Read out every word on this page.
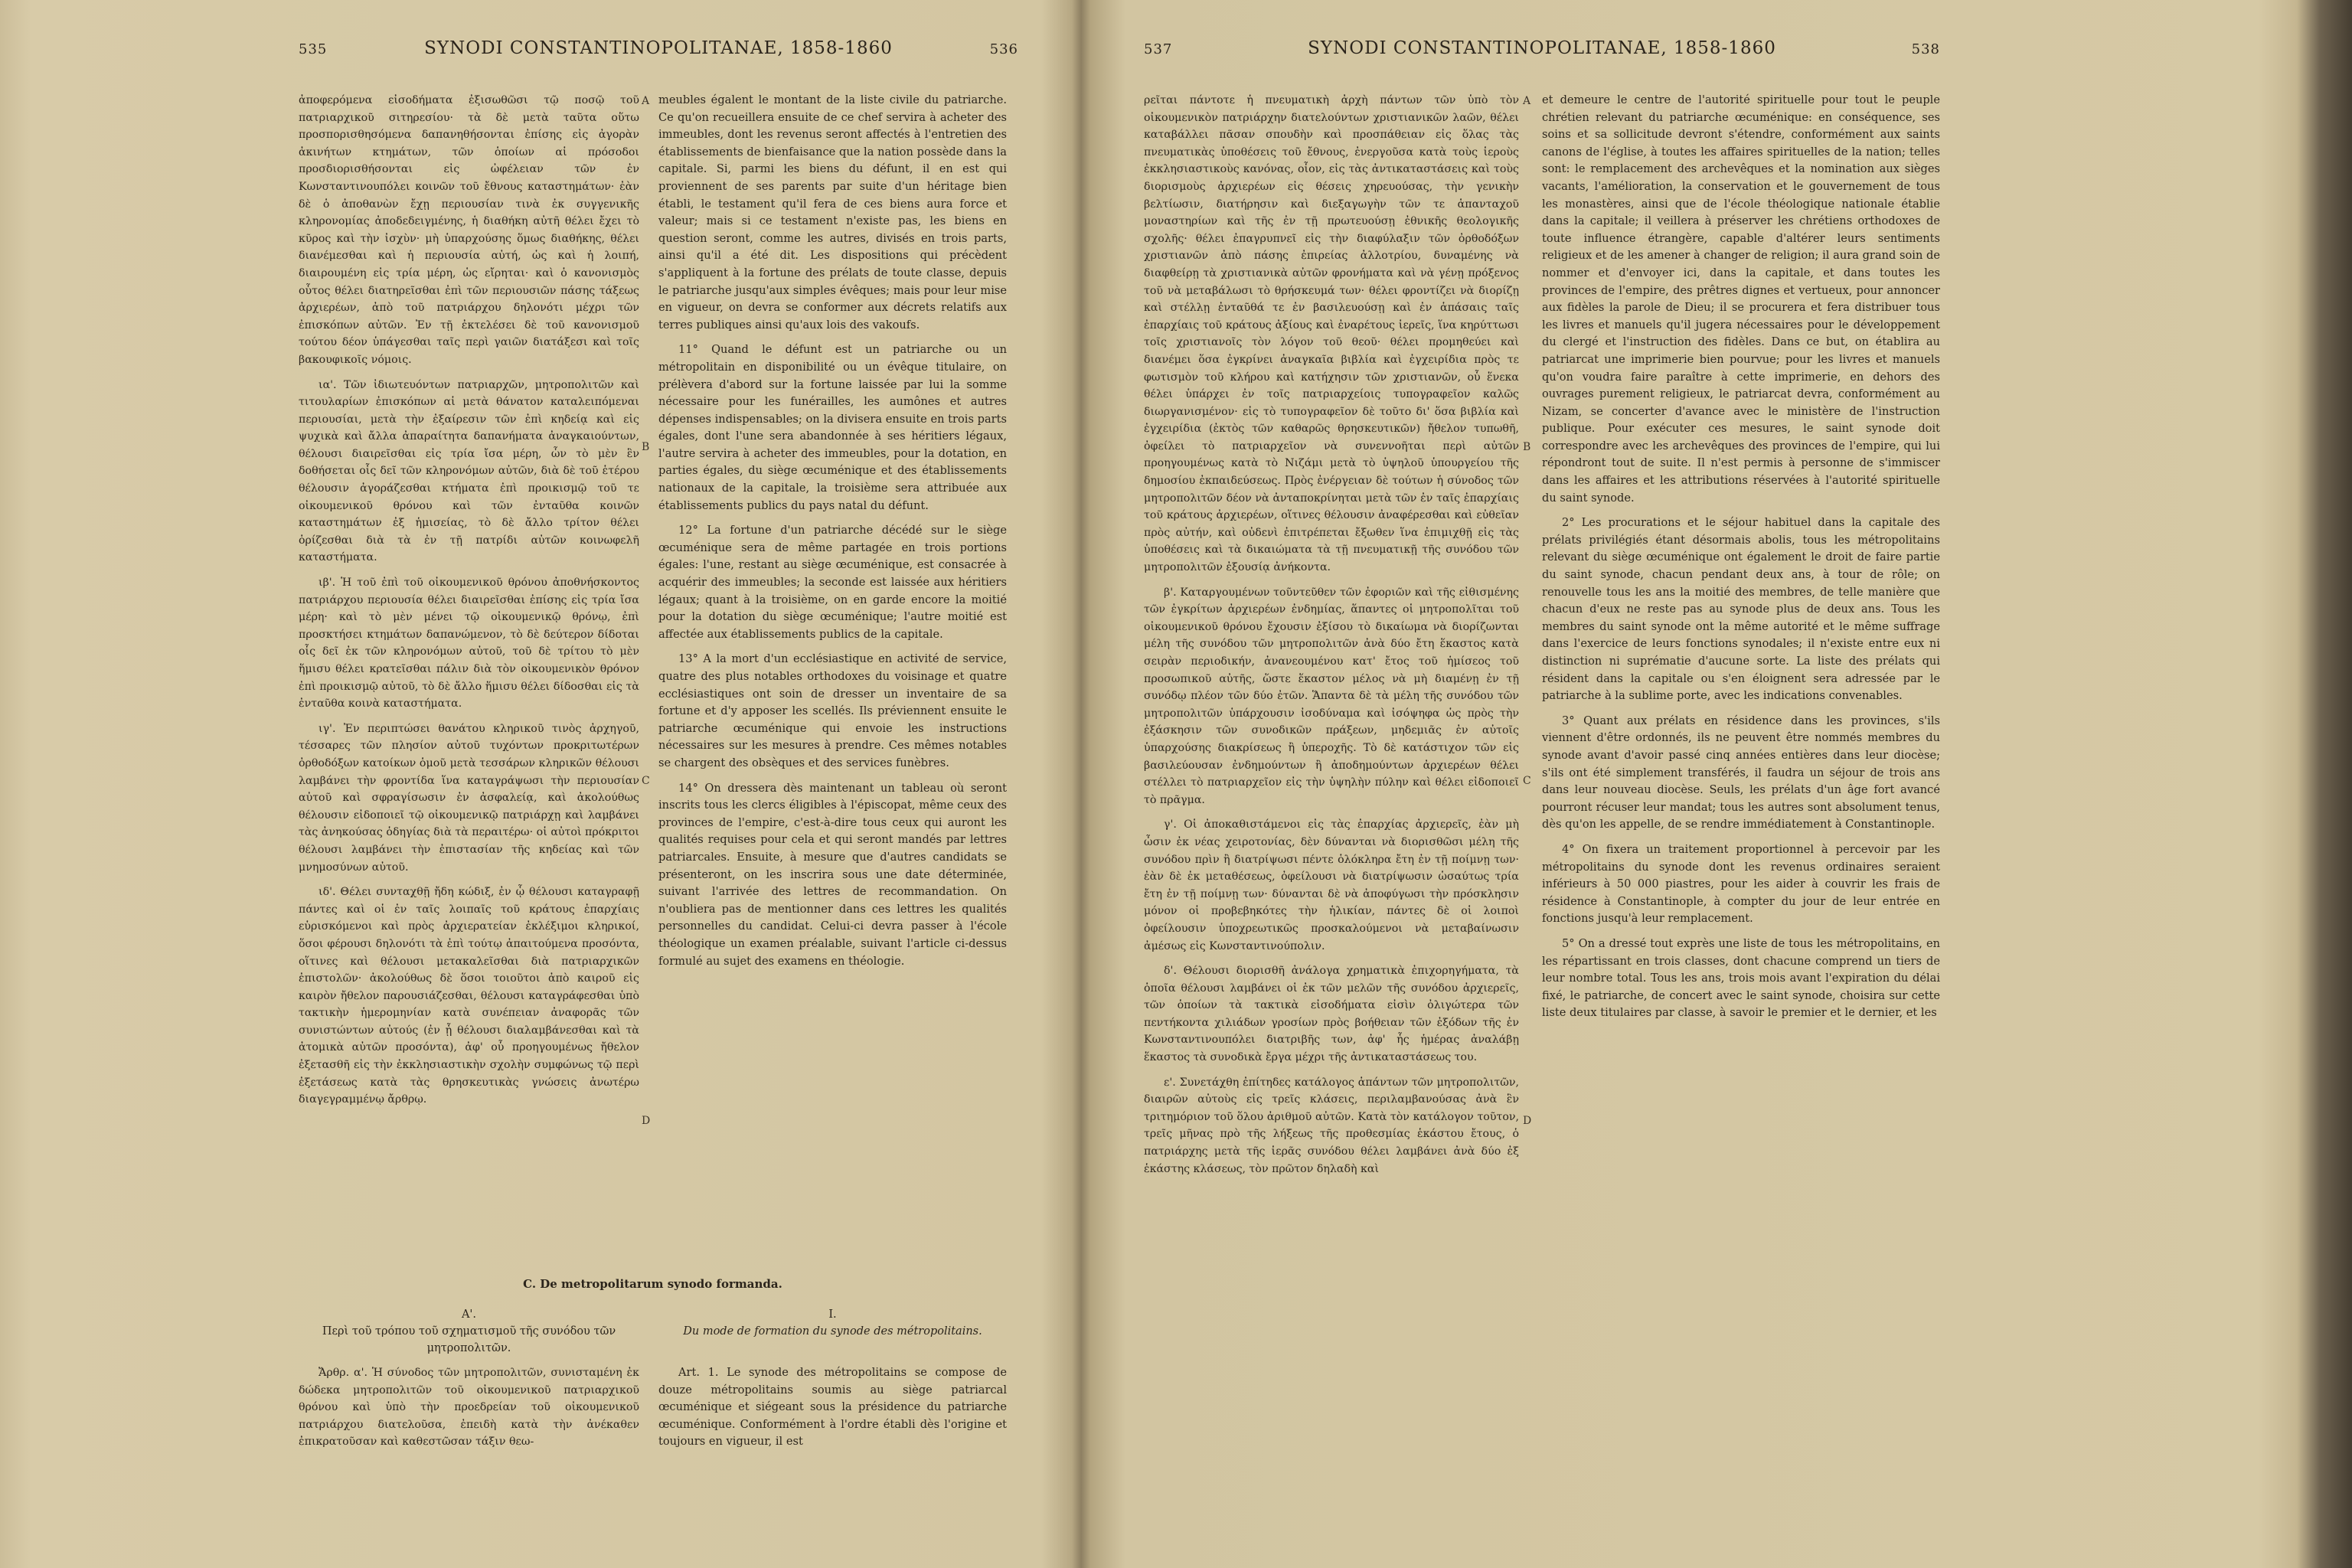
535	SYNODI CONSTANTINOPOLITANAE, 1858-1860	536

ἀποφερόμενα εἰσοδήματα ἐξισωθῶσι τῷ ποσῷ τοῦ πατριαρχικοῦ σιτηρεσίου· τὰ δὲ μετὰ ταῦτα οὕτω προσπορισθησόμενα δαπανηθήσονται ἐπίσης εἰς ἀγορὰν ἀκινήτων κτημάτων, τῶν ὁποίων αἱ πρόσοδοι προσδιορισθήσονται εἰς ὠφέλειαν τῶν ἐν Κωνσταντινουπόλει κοινῶν τοῦ ἔθνους καταστημάτων· ἐὰν δὲ ὁ ἀποθανὼν ἔχῃ περιουσίαν τινὰ ἐκ συγγενικῆς κληρονομίας ἀποδεδειγμένης, ἡ διαθήκη αὐτῆ θέλει ἔχει τὸ κῦρος καὶ τὴν ἰσχὺν· μὴ ὑπαρχούσης ὅμως διαθήκης, θέλει διανέμεσθαι καὶ ἡ περιουσία αὐτή, ὡς καὶ ἡ λοιπή, διαιρουμένη εἰς τρία μέρη, ὡς εἴρηται· καὶ ὁ κανονισμὸς οὗτος θέλει διατηρεῖσθαι ἐπὶ τῶν περιουσιῶν πάσης τάξεως ἀρχιερέων, ἀπὸ τοῦ πατριάρχου δηλονότι μέχρι τῶν ἐπισκόπων αὐτῶν. Ἐν τῇ ἐκτελέσει δὲ τοῦ κανονισμοῦ τούτου δέον ὑπάγεσθαι ταῖς περὶ γαιῶν διατάξεσι καὶ τοῖς βακουφικοῖς νόμοις.

ια'. Τῶν ἰδιωτευόντων πατριαρχῶν, μητροπολιτῶν καὶ τιτουλαρίων ἐπισκόπων αἱ μετὰ θάνατον καταλειπόμεναι περιουσίαι, μετὰ τὴν ἐξαίρεσιν τῶν ἐπὶ κηδείᾳ καὶ εἰς ψυχικὰ καὶ ἄλλα ἀπαραίτητα δαπανήματα ἀναγκαιούντων, θέλουσι διαιρεῖσθαι εἰς τρία ἴσα μέρη, ὧν τὸ μὲν ἓν δοθήσεται οἷς δεῖ τῶν κληρονόμων αὐτῶν, διὰ δὲ τοῦ ἑτέρου θέλουσιν ἀγοράζεσθαι κτήματα ἐπὶ προικισμῷ τοῦ τε οἰκουμενικοῦ θρόνου καὶ τῶν ἐνταῦθα κοινῶν καταστημάτων ἐξ ἡμισείας, τὸ δὲ ἄλλο τρίτον θέλει ὁρίζεσθαι διὰ τὰ ἐν τῇ πατρίδι αὐτῶν κοινωφελῆ καταστήματα.

ιβ'. Ἡ τοῦ ἐπὶ τοῦ οἰκουμενικοῦ θρόνου ἀποθνήσκοντος πατριάρχου περιουσία θέλει διαιρεῖσθαι ἐπίσης εἰς τρία ἴσα μέρη· καὶ τὸ μὲν μένει τῷ οἰκουμενικῷ θρόνῳ, ἐπὶ προσκτήσει κτημάτων δαπανώμενον, τὸ δὲ δεύτερον δίδοται οἷς δεῖ ἐκ τῶν κληρονόμων αὐτοῦ, τοῦ δὲ τρίτου τὸ μὲν ἥμισυ θέλει κρατεῖσθαι πάλιν διὰ τὸν οἰκουμενικὸν θρόνον ἐπὶ προικισμῷ αὐτοῦ, τὸ δὲ ἄλλο ἥμισυ θέλει δίδοσθαι εἰς τὰ ἐνταῦθα κοινὰ καταστήματα.

ιγ'. Ἐν περιπτώσει θανάτου κληρικοῦ τινὸς ἀρχηγοῦ, τέσσαρες τῶν πλησίον αὐτοῦ τυχόντων προκριτωτέρων ὀρθοδόξων κατοίκων ὁμοῦ μετὰ τεσσάρων κληρικῶν θέλουσι λαμβάνει τὴν φροντίδα ἵνα καταγράψωσι τὴν περιουσίαν αὐτοῦ καὶ σφραγίσωσιν ἐν ἀσφαλείᾳ, καὶ ἀκολούθως θέλουσιν εἰδοποιεῖ τῷ οἰκουμενικῷ πατριάρχῃ καὶ λαμβάνει τὰς ἀνηκούσας ὁδηγίας διὰ τὰ περαιτέρω· οἱ αὐτοὶ πρόκριτοι θέλουσι λαμβάνει τὴν ἐπιστασίαν τῆς κηδείας καὶ τῶν μνημοσύνων αὐτοῦ.

ιδ'. Θέλει συνταχθῇ ἤδη κώδιξ, ἐν ᾧ θέλουσι καταγραφῇ πάντες καὶ οἱ ἐν ταῖς λοιπαῖς τοῦ κράτους ἐπαρχίαις εὑρισκόμενοι καὶ πρὸς ἀρχιερατείαν ἐκλέξιμοι κληρικοί, ὅσοι φέρουσι δηλονότι τὰ ἐπὶ τούτῳ ἀπαιτούμενα προσόντα, οἵτινες καὶ θέλουσι μετακαλεῖσθαι διὰ πατριαρχικῶν ἐπιστολῶν· ἀκολούθως δὲ ὅσοι τοιοῦτοι ἀπὸ καιροῦ εἰς καιρὸν ἤθελον παρουσιάζεσθαι, θέλουσι καταγράφεσθαι ὑπὸ τακτικὴν ἡμερομηνίαν κατὰ συνέπειαν ἀναφορᾶς τῶν συνιστώντων αὐτούς (ἐν ᾗ θέλουσι διαλαμβάνεσθαι καὶ τὰ ἀτομικὰ αὐτῶν προσόντα), ἀφ' οὗ προηγουμένως ἤθελον ἐξετασθῆ εἰς τὴν ἐκκλησιαστικὴν σχολὴν συμφώνως τῷ περὶ ἐξετάσεως κατὰ τὰς θρησκευτικὰς γνώσεις ἀνωτέρω διαγεγραμμένῳ ἄρθρῳ.

A
B
C
D

meubles égalent le montant de la liste civile du patriarche. Ce qu'on recueillera ensuite de ce chef servira à acheter des immeubles, dont les revenus seront affectés à l'entretien des établissements de bienfaisance que la nation possède dans la capitale. Si, parmi les biens du défunt, il en est qui proviennent de ses parents par suite d'un héritage bien établi, le testament qu'il fera de ces biens aura force et valeur; mais si ce testament n'existe pas, les biens en question seront, comme les autres, divisés en trois parts, ainsi qu'il a été dit. Les dispositions qui précèdent s'appliquent à la fortune des prélats de toute classe, depuis le patriarche jusqu'aux simples évêques; mais pour leur mise en vigueur, on devra se conformer aux décrets relatifs aux terres publiques ainsi qu'aux lois des vakoufs.

11° Quand le défunt est un patriarche ou un métropolitain en disponibilité ou un évêque titulaire, on prélèvera d'abord sur la fortune laissée par lui la somme nécessaire pour les funérailles, les aumônes et autres dépenses indispensables; on la divisera ensuite en trois parts égales, dont l'une sera abandonnée à ses héritiers légaux, l'autre servira à acheter des immeubles, pour la dotation, en parties égales, du siège œcuménique et des établissements nationaux de la capitale, la troisième sera attribuée aux établissements publics du pays natal du défunt.

12° La fortune d'un patriarche décédé sur le siège œcuménique sera de même partagée en trois portions égales: l'une, restant au siège œcuménique, est consacrée à acquérir des immeubles; la seconde est laissée aux héritiers légaux; quant à la troisième, on en garde encore la moitié pour la dotation du siège œcuménique; l'autre moitié est affectée aux établissements publics de la capitale.

13° A la mort d'un ecclésiastique en activité de service, quatre des plus notables orthodoxes du voisinage et quatre ecclésiastiques ont soin de dresser un inventaire de sa fortune et d'y apposer les scellés. Ils préviennent ensuite le patriarche œcuménique qui envoie les instructions nécessaires sur les mesures à prendre. Ces mêmes notables se chargent des obsèques et des services funèbres.

14° On dressera dès maintenant un tableau où seront inscrits tous les clercs éligibles à l'épiscopat, même ceux des provinces de l'empire, c'est-à-dire tous ceux qui auront les qualités requises pour cela et qui seront mandés par lettres patriarcales. Ensuite, à mesure que d'autres candidats se présenteront, on les inscrira sous une date déterminée, suivant l'arrivée des lettres de recommandation. On n'oubliera pas de mentionner dans ces lettres les qualités personnelles du candidat. Celui-ci devra passer à l'école théologique un examen préalable, suivant l'article ci-dessus formulé au sujet des examens en théologie.

C. De metropolitarum synodo formanda.
Α'.
Περὶ τοῦ τρόπου τοῦ σχηματισμοῦ τῆς συνόδου τῶν μητροπολιτῶν.
I.
Du mode de formation du synode des métropolitains.

Ἄρθρ. α'. Ἡ σύνοδος τῶν μητροπολιτῶν, συνισταμένη ἐκ δώδεκα μητροπολιτῶν τοῦ οἰκουμενικοῦ πατριαρχικοῦ θρόνου καὶ ὑπὸ τὴν προεδρείαν τοῦ οἰκουμενικοῦ πατριάρχου διατελοῦσα, ἐπειδὴ κατὰ τὴν ἀνέκαθεν ἐπικρατοῦσαν καὶ καθεστῶσαν τάξιν θεω-

Art. 1. Le synode des métropolitains se compose de douze métropolitains soumis au siège patriarcal œcuménique et siégeant sous la présidence du patriarche œcuménique. Conformément à l'ordre établi dès l'origine et toujours en vigueur, il est

537	SYNODI CONSTANTINOPOLITANAE, 1858-1860	538

ρεῖται πάντοτε ἡ πνευματικὴ ἀρχὴ πάντων τῶν ὑπὸ τὸν οἰκουμενικὸν πατριάρχην διατελούντων χριστιανικῶν λαῶν, θέλει καταβάλλει πᾶσαν σπουδὴν καὶ προσπάθειαν εἰς ὅλας τὰς πνευματικὰς ὑποθέσεις τοῦ ἔθνους, ἐνεργοῦσα κατὰ τοὺς ἱεροὺς ἐκκλησιαστικοὺς κανόνας, οἷον, εἰς τὰς ἀντικαταστάσεις καὶ τοὺς διορισμοὺς ἀρχιερέων εἰς θέσεις χηρευούσας, τὴν γενικὴν βελτίωσιν, διατήρησιν καὶ διεξαγωγὴν τῶν τε ἁπανταχοῦ μοναστηρίων καὶ τῆς ἐν τῇ πρωτευούσῃ ἐθνικῆς θεολογικῆς σχολῆς· θέλει ἐπαγρυπνεῖ εἰς τὴν διαφύλαξιν τῶν ὀρθοδόξων χριστιανῶν ἀπὸ πάσης ἐπιρείας ἀλλοτρίου, δυναμένης νὰ διαφθείρῃ τὰ χριστιανικὰ αὐτῶν φρονήματα καὶ νὰ γένῃ πρόξενος τοῦ νὰ μεταβάλωσι τὸ θρήσκευμά των· θέλει φροντίζει νὰ διορίζῃ καὶ στέλλῃ ἐνταῦθά τε ἐν βασιλευούσῃ καὶ ἐν ἁπάσαις ταῖς ἐπαρχίαις τοῦ κράτους ἀξίους καὶ ἐναρέτους ἱερεῖς, ἵνα κηρύττωσι τοῖς χριστιανοῖς τὸν λόγον τοῦ θεοῦ· θέλει προμηθεύει καὶ διανέμει ὅσα ἐγκρίνει ἀναγκαῖα βιβλία καὶ ἐγχειρίδια πρὸς τε φωτισμὸν τοῦ κλήρου καὶ κατήχησιν τῶν χριστιανῶν, οὗ ἕνεκα θέλει ὑπάρχει ἐν τοῖς πατριαρχείοις τυπογραφεῖον καλῶς διωργανισμένον· εἰς τὸ τυπογραφεῖον δὲ τοῦτο δι' ὅσα βιβλία καὶ ἐγχειρίδια (ἐκτὸς τῶν καθαρῶς θρησκευτικῶν) ἤθελον τυπωθῆ, ὀφείλει τὸ πατριαρχεῖον νὰ συνεννοῆται περὶ αὐτῶν προηγουμένως κατὰ τὸ Νιζάμι μετὰ τὸ ὑψηλοῦ ὑπουργείου τῆς δημοσίου ἐκπαιδεύσεως. Πρὸς ἐνέργειαν δὲ τούτων ἡ σύνοδος τῶν μητροπολιτῶν δέον νὰ ἀνταποκρίνηται μετὰ τῶν ἐν ταῖς ἐπαρχίαις τοῦ κράτους ἀρχιερέων, οἵτινες θέλουσιν ἀναφέρεσθαι καὶ εὐθεῖαν πρὸς αὐτήν, καὶ οὐδενὶ ἐπιτρέπεται ἔξωθεν ἵνα ἐπιμιχθῇ εἰς τὰς ὑποθέσεις καὶ τὰ δικαιώματα τὰ τῇ πνευματικῇ τῆς συνόδου τῶν μητροπολιτῶν ἐξουσίᾳ ἀνήκοντα.

β'. Καταργουμένων τοῦντεῦθεν τῶν ἐφοριῶν καὶ τῆς εἰθισμένης τῶν ἐγκρίτων ἀρχιερέων ἐνδημίας, ἅπαντες οἱ μητροπολῖται τοῦ οἰκουμενικοῦ θρόνου ἔχουσιν ἐξίσου τὸ δικαίωμα νὰ διορίζωνται μέλη τῆς συνόδου τῶν μητροπολιτῶν ἀνὰ δύο ἔτη ἕκαστος κατὰ σειρὰν περιοδικήν, ἀνανεουμένου κατ' ἔτος τοῦ ἡμίσεος τοῦ προσωπικοῦ αὐτῆς, ὥστε ἕκαστον μέλος νὰ μὴ διαμένῃ ἐν τῇ συνόδῳ πλέον τῶν δύο ἐτῶν. Ἅπαντα δὲ τὰ μέλη τῆς συνόδου τῶν μητροπολιτῶν ὑπάρχουσιν ἰσοδύναμα καὶ ἰσόψηφα ὡς πρὸς τὴν ἐξάσκησιν τῶν συνοδικῶν πράξεων, μηδεμιᾶς ἐν αὐτοῖς ὑπαρχούσης διακρίσεως ἢ ὑπεροχῆς. Τὸ δὲ κατάστιχον τῶν εἰς βασιλεύουσαν ἐνδημούντων ἢ ἀποδημούντων ἀρχιερέων θέλει στέλλει τὸ πατριαρχεῖον εἰς τὴν ὑψηλὴν πύλην καὶ θέλει εἰδοποιεῖ τὸ πρᾶγμα.

γ'. Οἱ ἀποκαθιστάμενοι εἰς τὰς ἐπαρχίας ἀρχιερεῖς, ἐὰν μὴ ὦσιν ἐκ νέας χειροτονίας, δὲν δύνανται νὰ διορισθῶσι μέλη τῆς συνόδου πρὶν ἢ διατρίψωσι πέντε ὁλόκληρα ἔτη ἐν τῇ ποίμνῃ των· ἐὰν δὲ ἐκ μεταθέσεως, ὀφείλουσι νὰ διατρίψωσιν ὡσαύτως τρία ἔτη ἐν τῇ ποίμνῃ των· δύνανται δὲ νὰ ἀποφύγωσι τὴν πρόσκλησιν μόνον οἱ προβεβηκότες τὴν ἡλικίαν, πάντες δὲ οἱ λοιποὶ ὀφείλουσιν ὑποχρεωτικῶς προσκαλούμενοι νὰ μεταβαίνωσιν ἀμέσως εἰς Κωνσταντινούπολιν.

δ'. Θέλουσι διορισθῆ ἀνάλογα χρηματικὰ ἐπιχορηγήματα, τὰ ὁποῖα θέλουσι λαμβάνει οἱ ἐκ τῶν μελῶν τῆς συνόδου ἀρχιερεῖς, τῶν ὁποίων τὰ τακτικὰ εἰσοδήματα εἰσὶν ὀλιγώτερα τῶν πεντήκοντα χιλιάδων γροσίων πρὸς βοήθειαν τῶν ἐξόδων τῆς ἐν Κωνσταντινουπόλει διατριβῆς των, ἀφ' ἧς ἡμέρας ἀναλάβῃ ἕκαστος τὰ συνοδικὰ ἔργα μέχρι τῆς ἀντικαταστάσεως του.

ε'. Συνετάχθη ἐπίτηδες κατάλογος ἁπάντων τῶν μητροπολιτῶν, διαιρῶν αὐτοὺς εἰς τρεῖς κλάσεις, περιλαμβανούσας ἀνὰ ἓν τριτημόριον τοῦ ὅλου ἀριθμοῦ αὐτῶν. Κατὰ τὸν κατάλογον τοῦτον, τρεῖς μῆνας πρὸ τῆς λήξεως τῆς προθεσμίας ἑκάστου ἔτους, ὁ πατριάρχης μετὰ τῆς ἱερᾶς συνόδου θέλει λαμβάνει ἀνὰ δύο ἐξ ἑκάστης κλάσεως, τὸν πρῶτον δηλαδὴ καὶ

A
B
C
D

et demeure le centre de l'autorité spirituelle pour tout le peuple chrétien relevant du patriarche œcuménique: en conséquence, ses soins et sa sollicitude devront s'étendre, conformément aux saints canons de l'église, à toutes les affaires spirituelles de la nation; telles sont: le remplacement des archevêques et la nomination aux sièges vacants, l'amélioration, la conservation et le gouvernement de tous les monastères, ainsi que de l'école théologique nationale établie dans la capitale; il veillera à préserver les chrétiens orthodoxes de toute influence étrangère, capable d'altérer leurs sentiments religieux et de les amener à changer de religion; il aura grand soin de nommer et d'envoyer ici, dans la capitale, et dans toutes les provinces de l'empire, des prêtres dignes et vertueux, pour annoncer aux fidèles la parole de Dieu; il se procurera et fera distribuer tous les livres et manuels qu'il jugera nécessaires pour le développement du clergé et l'instruction des fidèles. Dans ce but, on établira au patriarcat une imprimerie bien pourvue; pour les livres et manuels qu'on voudra faire paraître à cette imprimerie, en dehors des ouvrages purement religieux, le patriarcat devra, conformément au Nizam, se concerter d'avance avec le ministère de l'instruction publique. Pour exécuter ces mesures, le saint synode doit correspondre avec les archevêques des provinces de l'empire, qui lui répondront tout de suite. Il n'est permis à personne de s'immiscer dans les affaires et les attributions réservées à l'autorité spirituelle du saint synode.

2° Les procurations et le séjour habituel dans la capitale des prélats privilégiés étant désormais abolis, tous les métropolitains relevant du siège œcuménique ont également le droit de faire partie du saint synode, chacun pendant deux ans, à tour de rôle; on renouvelle tous les ans la moitié des membres, de telle manière que chacun d'eux ne reste pas au synode plus de deux ans. Tous les membres du saint synode ont la même autorité et le même suffrage dans l'exercice de leurs fonctions synodales; il n'existe entre eux ni distinction ni suprématie d'aucune sorte. La liste des prélats qui résident dans la capitale ou s'en éloignent sera adressée par le patriarche à la sublime porte, avec les indications convenables.

3° Quant aux prélats en résidence dans les provinces, s'ils viennent d'être ordonnés, ils ne peuvent être nommés membres du synode avant d'avoir passé cinq années entières dans leur diocèse; s'ils ont été simplement transférés, il faudra un séjour de trois ans dans leur nouveau diocèse. Seuls, les prélats d'un âge fort avancé pourront récuser leur mandat; tous les autres sont absolument tenus, dès qu'on les appelle, de se rendre immédiatement à Constantinople.

4° On fixera un traitement proportionnel à percevoir par les métropolitains du synode dont les revenus ordinaires seraient inférieurs à 50 000 piastres, pour les aider à couvrir les frais de résidence à Constantinople, à compter du jour de leur entrée en fonctions jusqu'à leur remplacement.

5° On a dressé tout exprès une liste de tous les métropolitains, en les répartissant en trois classes, dont chacune comprend un tiers de leur nombre total. Tous les ans, trois mois avant l'expiration du délai fixé, le patriarche, de concert avec le saint synode, choisira sur cette liste deux titulaires par classe, à savoir le premier et le dernier, et les
